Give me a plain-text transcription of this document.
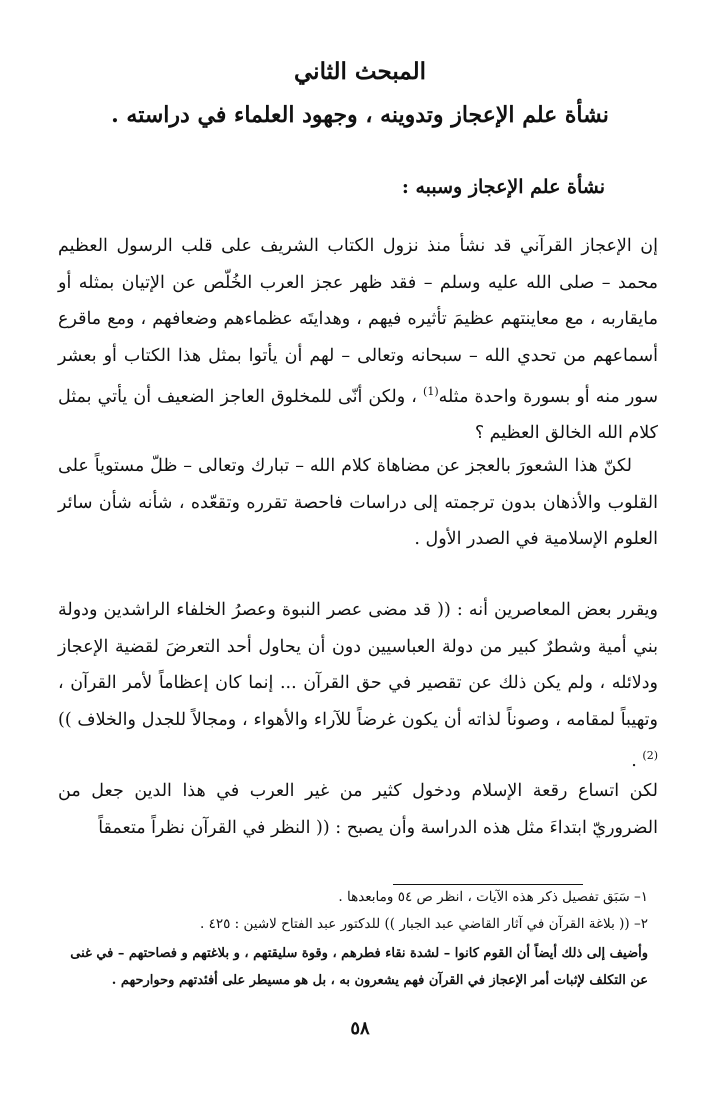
المبحث الثاني
نشأة علم الإعجاز وتدوينه ، وجهود العلماء في دراسته .
نشأة علم الإعجاز وسببه :

إن الإعجاز القرآني قد نشأ منذ نزول الكتاب الشريف على قلب الرسول العظيم محمد – صلى الله عليه وسلم – فقد ظهر عجز العرب الخُلّص عن الإتيان بمثله أو مايقاربه ، مع معاينتهم عظيمَ تأثيره فيهم ، وهدايتَه عظماءهم وضعافهم ، ومع ماقرع أسماعهم من تحدي الله – سبحانه وتعالى – لهم أن يأتوا بمثل هذا الكتاب أو بعشر سور منه أو بسورة واحدة مثله$^{(1)}$ ، ولكن أنّى للمخلوق العاجز الضعيف أن يأتي بمثل كلام الله الخالق العظيم ؟

لكنّ هذا الشعورَ بالعجز عن مضاهاة كلام الله – تبارك وتعالى – ظلّ مستوياً على القلوب والأذهان بدون ترجمته إلى دراسات فاحصة تقرره وتقعّده ، شأنه شأن سائر العلوم الإسلامية في الصدر الأول .

ويقرر بعض المعاصرين أنه : (( قد مضى عصر النبوة وعصرُ الخلفاء الراشدين ودولة بني أمية وشطرٌ كبير من دولة العباسيين دون أن يحاول أحد التعرضَ لقضية الإعجاز ودلائله ، ولم يكن ذلك عن تقصير في حق القرآن ... إنما كان إعظاماً لأمر القرآن ، وتهيباً لمقامه ، وصوناً لذاته أن يكون غرضاً للآراء والأهواء ، ومجالاً للجدل والخلاف )) $^{(2)}$ .

لكن اتساع رقعة الإسلام ودخول كثير من غير العرب في هذا الدين جعل من الضروريّ ابتداءَ مثل هذه الدراسة وأن يصبح : (( النظر في القرآن نظراً متعمقاً

١– سَبَق تفصيل ذكر هذه الآيات ، انظر ص ٥٤ ومابعدها .
٢– (( بلاغة القرآن في آثار القاضي عبد الجبار )) للدكتور عبد الفتاح لاشين : ٤٢٥ .
وأضيف إلى ذلك أيضاً أن القوم كانوا – لشدة نقاء فطرهم ، وقوة سليقتهم ، و بلاغتهم و فصاحتهم – في غنى عن التكلف لإثبات أمر الإعجاز في القرآن فهم يشعرون به ، بل هو مسيطر على أفئدتهم وحوارحهم .
٥٨
